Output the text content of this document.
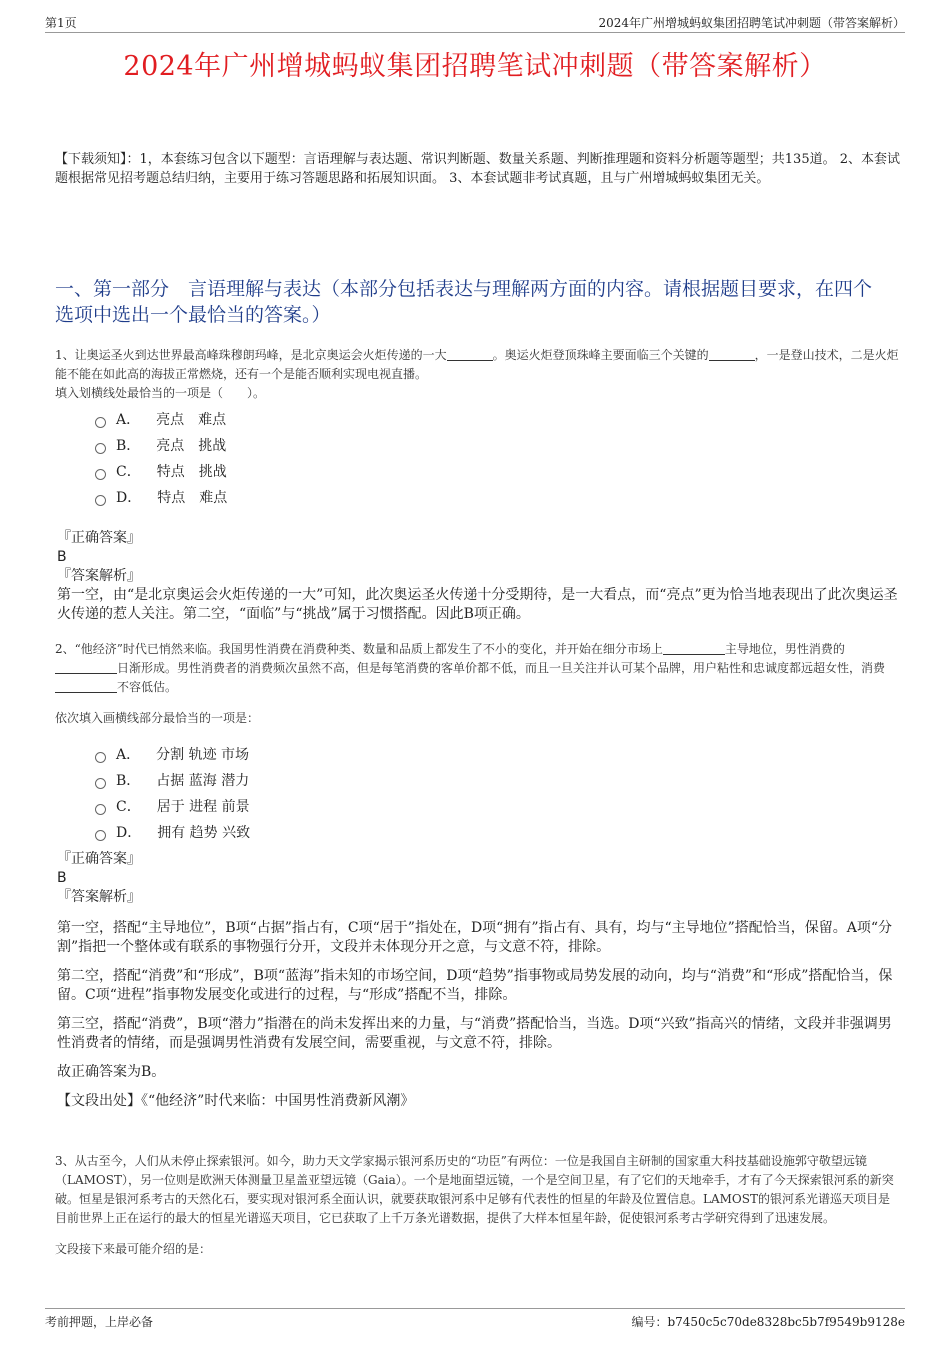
第1页	2024年广州增城蚂蚁集团招聘笔试冲刺题（带答案解析）
2024年广州增城蚂蚁集团招聘笔试冲刺题（带答案解析）
【下载须知】：1，本套练习包含以下题型：言语理解与表达题、常识判断题、数量关系题、判断推理题和资料分析题等题型；共135道。 2、本套试题根据常见招考题总结归纳，主要用于练习答题思路和拓展知识面。 3、本套试题非考试真题，且与广州增城蚂蚁集团无关。
一、第一部分　言语理解与表达（本部分包括表达与理解两方面的内容。请根据题目要求，在四个选项中选出一个最恰当的答案。）
1、让奥运圣火到达世界最高峰珠穆朗玛峰，是北京奥运会火炬传递的一大	。奥运火炬登顶珠峰主要面临三个关键的	，一是登山技术，二是火炬能不能在如此高的海拔正常燃烧，还有一个是能否顺利实现电视直播。
填入划横线处最恰当的一项是（　　）。
A． 亮点　难点
B． 亮点　挑战
C． 特点　挑战
D． 特点　难点
『正确答案』
B
『答案解析』
第一空，由“是北京奥运会火炬传递的一大”可知，此次奥运圣火传递十分受期待，是一大看点，而“亮点”更为恰当地表现出了此次奥运圣火传递的惹人关注。第二空，“面临”与“挑战”属于习惯搭配。因此B项正确。
2、“他经济”时代已悄然来临。我国男性消费在消费种类、数量和品质上都发生了不小的变化，并开始在细分市场上	主导地位，男性消费的日渐形成。男性消费者的消费频次虽然不高，但是每笔消费的客单价都不低，而且一旦关注并认可某个品牌，用户粘性和忠诚度都远超女性，消费不容低估。
依次填入画横线部分最恰当的一项是：
A． 分割 轨迹 市场
B． 占据 蓝海 潜力
C． 居于 进程 前景
D． 拥有 趋势 兴致
『正确答案』
B
『答案解析』
第一空，搭配“主导地位”，B项“占据”指占有，C项“居于”指处在，D项“拥有”指占有、具有，均与“主导地位”搭配恰当，保留。A项“分割”指把一个整体或有联系的事物强行分开，文段并未体现分开之意，与文意不符，排除。
第二空，搭配“消费”和“形成”，B项“蓝海”指未知的市场空间，D项“趋势”指事物或局势发展的动向，均与“消费”和“形成”搭配恰当，保留。C项“进程”指事物发展变化或进行的过程，与“形成”搭配不当，排除。
第三空，搭配“消费”，B项“潜力”指潜在的尚未发挥出来的力量，与“消费”搭配恰当，当选。D项“兴致”指高兴的情绪，文段并非强调男性消费者的情绪，而是强调男性消费有发展空间，需要重视，与文意不符，排除。
故正确答案为B。
【文段出处】《“他经济”时代来临：中国男性消费新风潮》
3、从古至今，人们从未停止探索银河。如今，助力天文学家揭示银河系历史的“功臣”有两位：一位是我国自主研制的国家重大科技基础设施郭守敬望远镜（LAMOST），另一位则是欧洲天体测量卫星盖亚望远镜（Gaia）。一个是地面望远镜，一个是空间卫星，有了它们的天地牵手，才有了今天探索银河系的新突破。恒星是银河系考古的天然化石，要实现对银河系全面认识，就要获取银河系中足够有代表性的恒星的年龄及位置信息。LAMOST的银河系光谱巡天项目是目前世界上正在运行的最大的恒星光谱巡天项目，它已获取了上千万条光谱数据，提供了大样本恒星年龄，促使银河系考古学研究得到了迅速发展。
文段接下来最可能介绍的是：
考前押题，上岸必备	编号：b7450c5c70de8328bc5b7f9549b9128e
